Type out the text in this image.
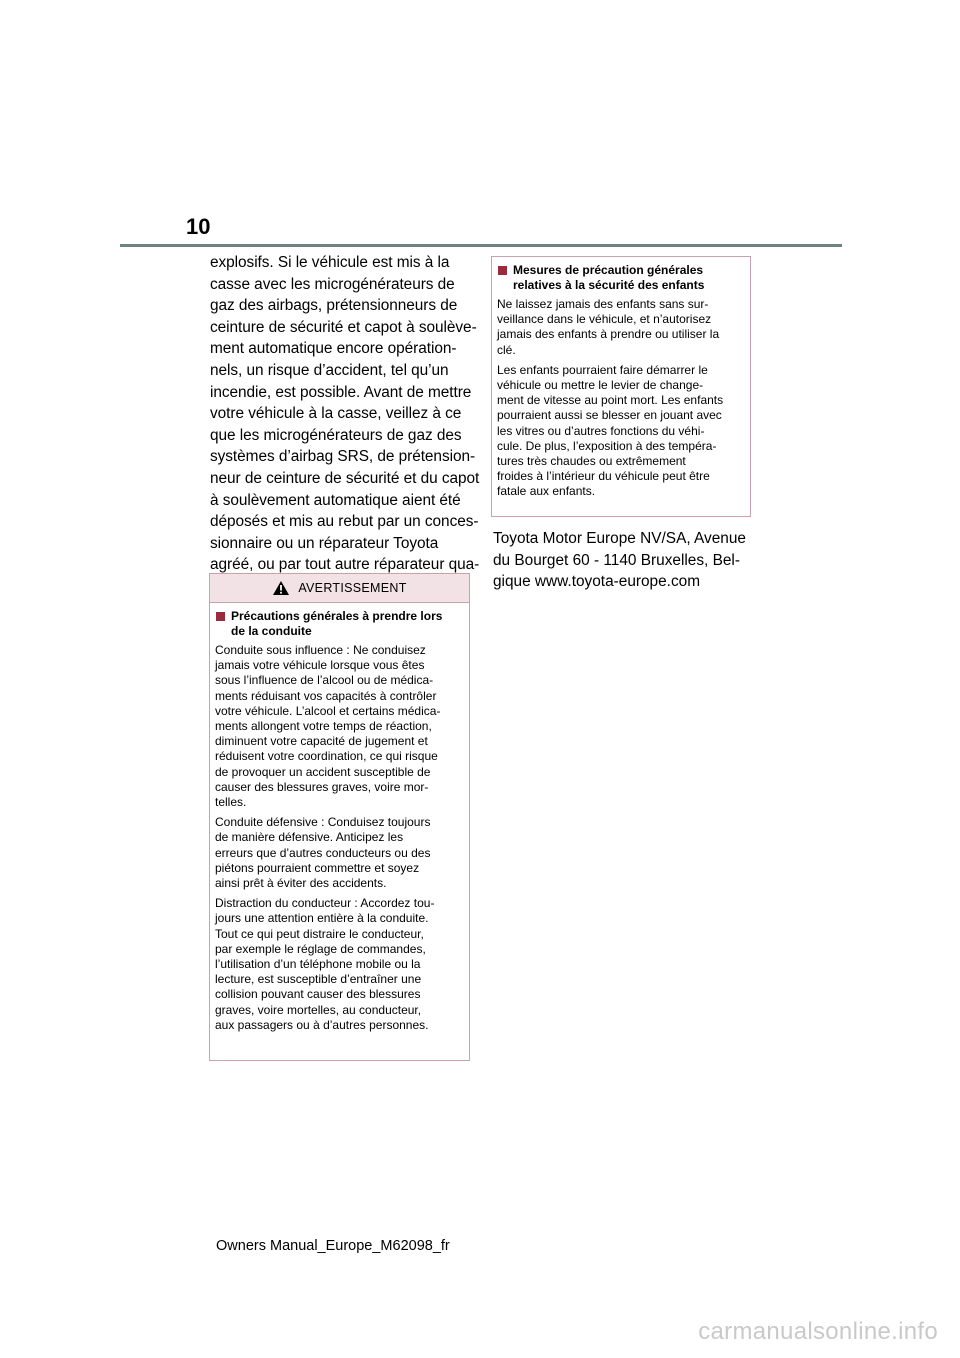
10

explosifs. Si le véhicule est mis à la
casse avec les microgénérateurs de
gaz des airbags, prétensionneurs de
ceinture de sécurité et capot à soulève-
ment automatique encore opération-
nels, un risque d’accident, tel qu’un
incendie, est possible. Avant de mettre
votre véhicule à la casse, veillez à ce
que les microgénérateurs de gaz des
systèmes d’airbag SRS, de prétension-
neur de ceinture de sécurité et du capot
à soulèvement automatique aient été
déposés et mis au rebut par un conces-
sionnaire ou un réparateur Toyota
agréé, ou par tout autre réparateur qua-

AVERTISSEMENT
Précautions générales à prendre lors
de la conduite

Conduite sous influence : Ne conduisez
jamais votre véhicule lorsque vous êtes
sous l’influence de l’alcool ou de médica-
ments réduisant vos capacités à contrôler
votre véhicule. L’alcool et certains médica-
ments allongent votre temps de réaction,
diminuent votre capacité de jugement et
réduisent votre coordination, ce qui risque
de provoquer un accident susceptible de
causer des blessures graves, voire mor-
telles.

Conduite défensive : Conduisez toujours
de manière défensive. Anticipez les
erreurs que d’autres conducteurs ou des
piétons pourraient commettre et soyez
ainsi prêt à éviter des accidents.

Distraction du conducteur : Accordez tou-
jours une attention entière à la conduite.
Tout ce qui peut distraire le conducteur,
par exemple le réglage de commandes,
l’utilisation d’un téléphone mobile ou la
lecture, est susceptible d’entraîner une
collision pouvant causer des blessures
graves, voire mortelles, au conducteur,
aux passagers ou à d’autres personnes.

Mesures de précaution générales
relatives à la sécurité des enfants

Ne laissez jamais des enfants sans sur-
veillance dans le véhicule, et n’autorisez
jamais des enfants à prendre ou utiliser la
clé.

Les enfants pourraient faire démarrer le
véhicule ou mettre le levier de change-
ment de vitesse au point mort. Les enfants
pourraient aussi se blesser en jouant avec
les vitres ou d’autres fonctions du véhi-
cule. De plus, l’exposition à des tempéra-
tures très chaudes ou extrêmement
froides à l’intérieur du véhicule peut être
fatale aux enfants.

Toyota Motor Europe NV/SA, Avenue
du Bourget 60 - 1140 Bruxelles, Bel-
gique www.toyota-europe.com
Owners Manual_Europe_M62098_fr
carmanualsonline.info
